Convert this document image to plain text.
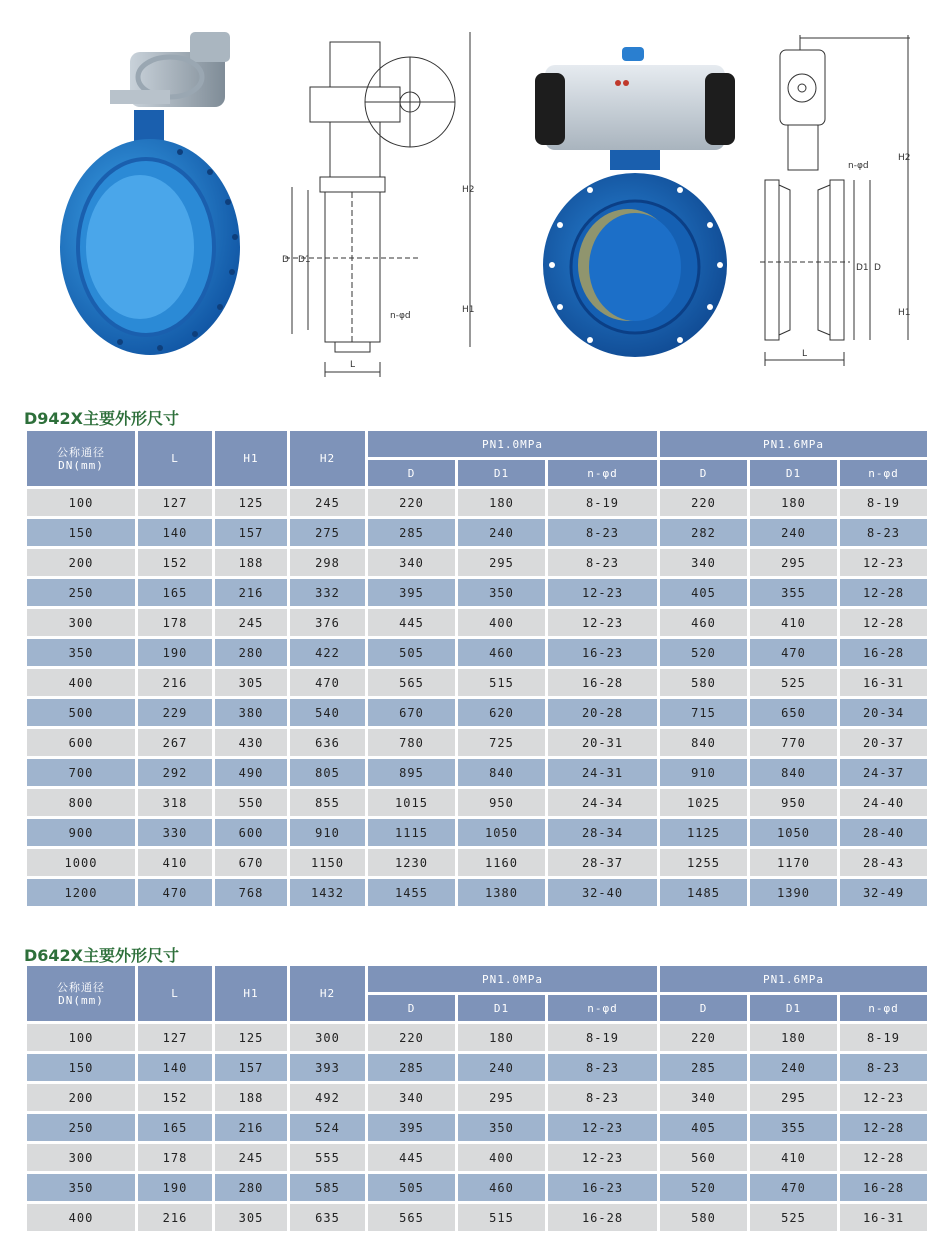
D D1
H2
H1
n-φd
L
H2
n-φd
D1 D
H1
L
D942X主要外形尺寸
公称通径
DN(mm)	L	H1	H2	PN1.0MPa			PN1.6MPa		
				D	D1	n-φd	D	D1	n-φd
100	127	125	245	220	180	8-19	220	180	8-19
150	140	157	275	285	240	8-23	282	240	8-23
200	152	188	298	340	295	8-23	340	295	12-23
250	165	216	332	395	350	12-23	405	355	12-28
300	178	245	376	445	400	12-23	460	410	12-28
350	190	280	422	505	460	16-23	520	470	16-28
400	216	305	470	565	515	16-28	580	525	16-31
500	229	380	540	670	620	20-28	715	650	20-34
600	267	430	636	780	725	20-31	840	770	20-37
700	292	490	805	895	840	24-31	910	840	24-37
800	318	550	855	1015	950	24-34	1025	950	24-40
900	330	600	910	1115	1050	28-34	1125	1050	28-40
1000	410	670	1150	1230	1160	28-37	1255	1170	28-43
1200	470	768	1432	1455	1380	32-40	1485	1390	32-49
D642X主要外形尺寸
公称通径
DN(mm)	L	H1	H2	PN1.0MPa			PN1.6MPa		
				D	D1	n-φd	D	D1	n-φd
100	127	125	300	220	180	8-19	220	180	8-19
150	140	157	393	285	240	8-23	285	240	8-23
200	152	188	492	340	295	8-23	340	295	12-23
250	165	216	524	395	350	12-23	405	355	12-28
300	178	245	555	445	400	12-23	560	410	12-28
350	190	280	585	505	460	16-23	520	470	16-28
400	216	305	635	565	515	16-28	580	525	16-31
